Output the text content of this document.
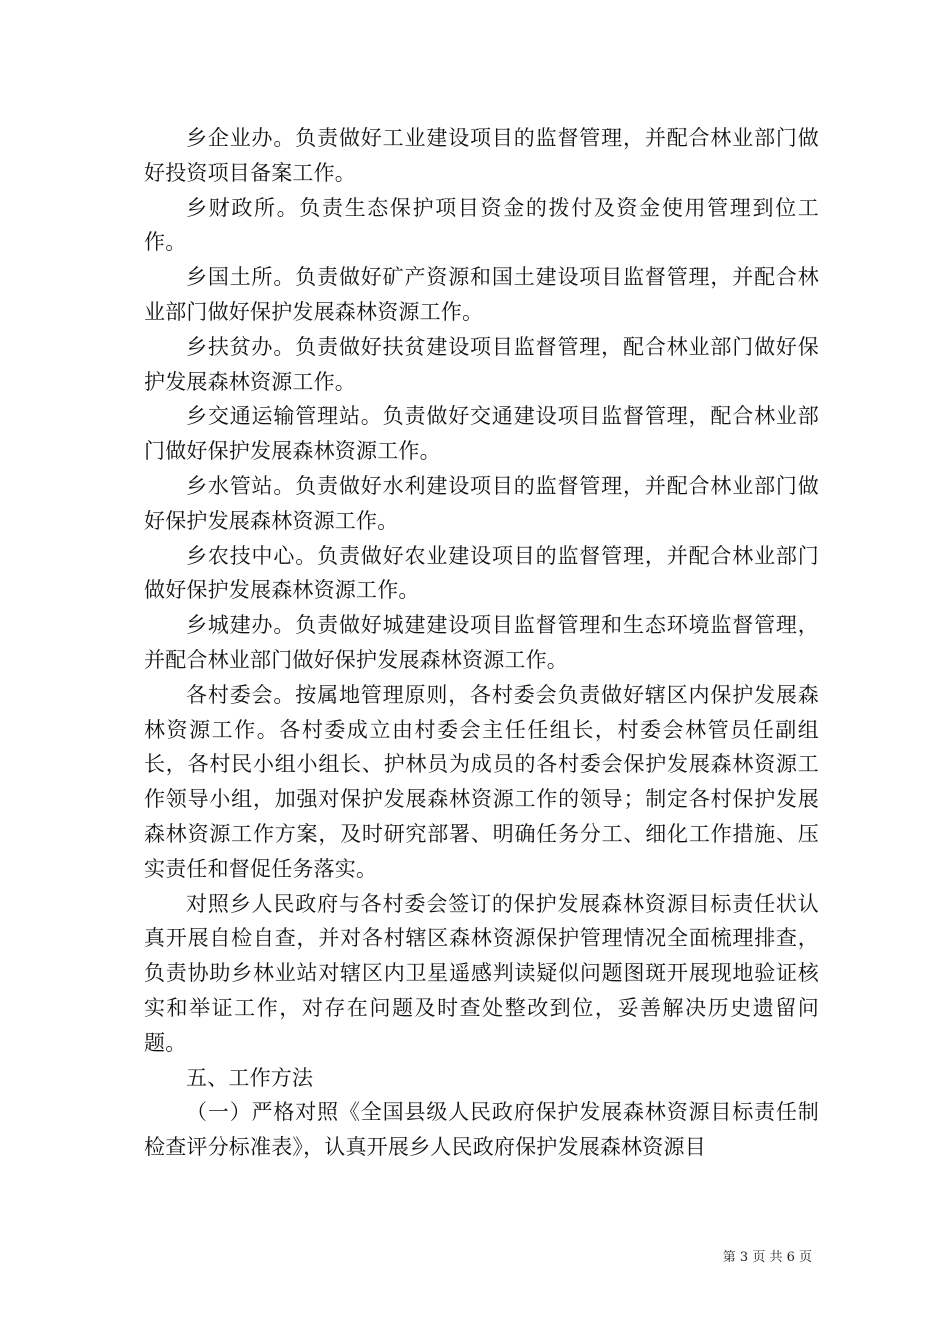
乡企业办。负责做好工业建设项目的监督管理，并配合林业部门做好投资项目备案工作。

乡财政所。负责生态保护项目资金的拨付及资金使用管理到位工作。

乡国土所。负责做好矿产资源和国土建设项目监督管理，并配合林业部门做好保护发展森林资源工作。

乡扶贫办。负责做好扶贫建设项目监督管理，配合林业部门做好保护发展森林资源工作。

乡交通运输管理站。负责做好交通建设项目监督管理，配合林业部门做好保护发展森林资源工作。

乡水管站。负责做好水利建设项目的监督管理，并配合林业部门做好保护发展森林资源工作。

乡农技中心。负责做好农业建设项目的监督管理，并配合林业部门做好保护发展森林资源工作。

乡城建办。负责做好城建建设项目监督管理和生态环境监督管理，并配合林业部门做好保护发展森林资源工作。

各村委会。按属地管理原则，各村委会负责做好辖区内保护发展森林资源工作。各村委成立由村委会主任任组长，村委会林管员任副组长，各村民小组小组长、护林员为成员的各村委会保护发展森林资源工作领导小组，加强对保护发展森林资源工作的领导；制定各村保护发展森林资源工作方案，及时研究部署、明确任务分工、细化工作措施、压实责任和督促任务落实。

对照乡人民政府与各村委会签订的保护发展森林资源目标责任状认真开展自检自查，并对各村辖区森林资源保护管理情况全面梳理排查，负责协助乡林业站对辖区内卫星遥感判读疑似问题图斑开展现地验证核实和举证工作，对存在问题及时查处整改到位，妥善解决历史遗留问题。

五、工作方法

（一）严格对照《全国县级人民政府保护发展森林资源目标责任制检查评分标准表》，认真开展乡人民政府保护发展森林资源目

第 3 页 共 6 页
